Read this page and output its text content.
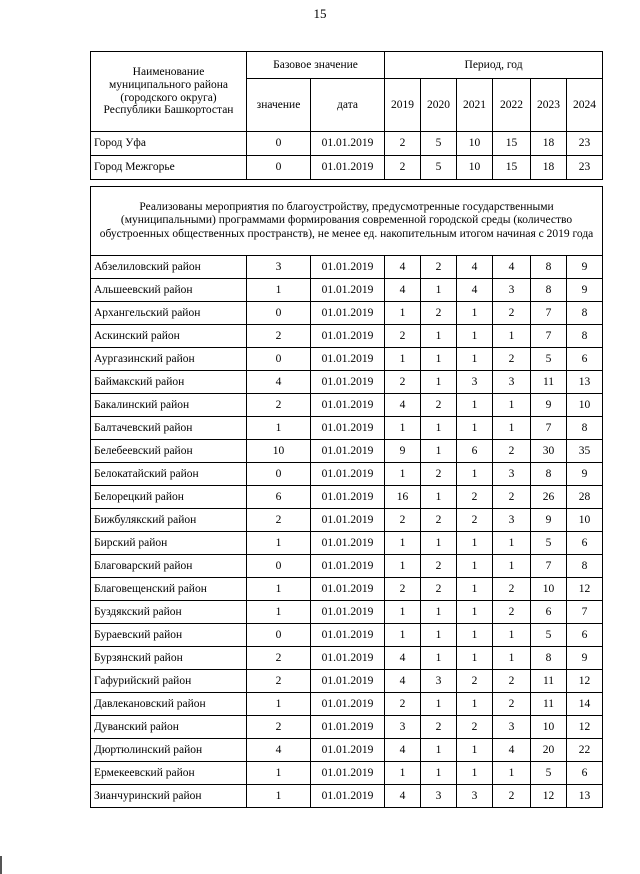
15
Наименование муниципального района (городского округа) Республики Башкортостан	Базовое значение		Период, год					
	значение	дата	2019	2020	2021	2022	2023	2024
Город Уфа	0	01.01.2019	2	5	10	15	18	23
Город Межгорье	0	01.01.2019	2	5	10	15	18	23

Реализованы мероприятия по благоустройству, предусмотренные государственными (муниципальными) программами формирования современной городской среды (количество обустроенных общественных пространств), не менее ед. накопительным итогом начиная с 2019 года								
Абзелиловский район	3	01.01.2019	4	2	4	4	8	9
Альшеевский район	1	01.01.2019	4	1	4	3	8	9
Архангельский район	0	01.01.2019	1	2	1	2	7	8
Аскинский район	2	01.01.2019	2	1	1	1	7	8
Аургазинский район	0	01.01.2019	1	1	1	2	5	6
Баймакский район	4	01.01.2019	2	1	3	3	11	13
Бакалинский район	2	01.01.2019	4	2	1	1	9	10
Балтачевский район	1	01.01.2019	1	1	1	1	7	8
Белебеевский район	10	01.01.2019	9	1	6	2	30	35
Белокатайский район	0	01.01.2019	1	2	1	3	8	9
Белорецкий район	6	01.01.2019	16	1	2	2	26	28
Бижбулякский район	2	01.01.2019	2	2	2	3	9	10
Бирский район	1	01.01.2019	1	1	1	1	5	6
Благоварский район	0	01.01.2019	1	2	1	1	7	8
Благовещенский район	1	01.01.2019	2	2	1	2	10	12
Буздякский район	1	01.01.2019	1	1	1	2	6	7
Бураевский район	0	01.01.2019	1	1	1	1	5	6
Бурзянский район	2	01.01.2019	4	1	1	1	8	9
Гафурийский район	2	01.01.2019	4	3	2	2	11	12
Давлекановский район	1	01.01.2019	2	1	1	2	11	14
Дуванский район	2	01.01.2019	3	2	2	3	10	12
Дюртюлинский район	4	01.01.2019	4	1	1	4	20	22
Ермекеевский район	1	01.01.2019	1	1	1	1	5	6
Зианчуринский район	1	01.01.2019	4	3	3	2	12	13
